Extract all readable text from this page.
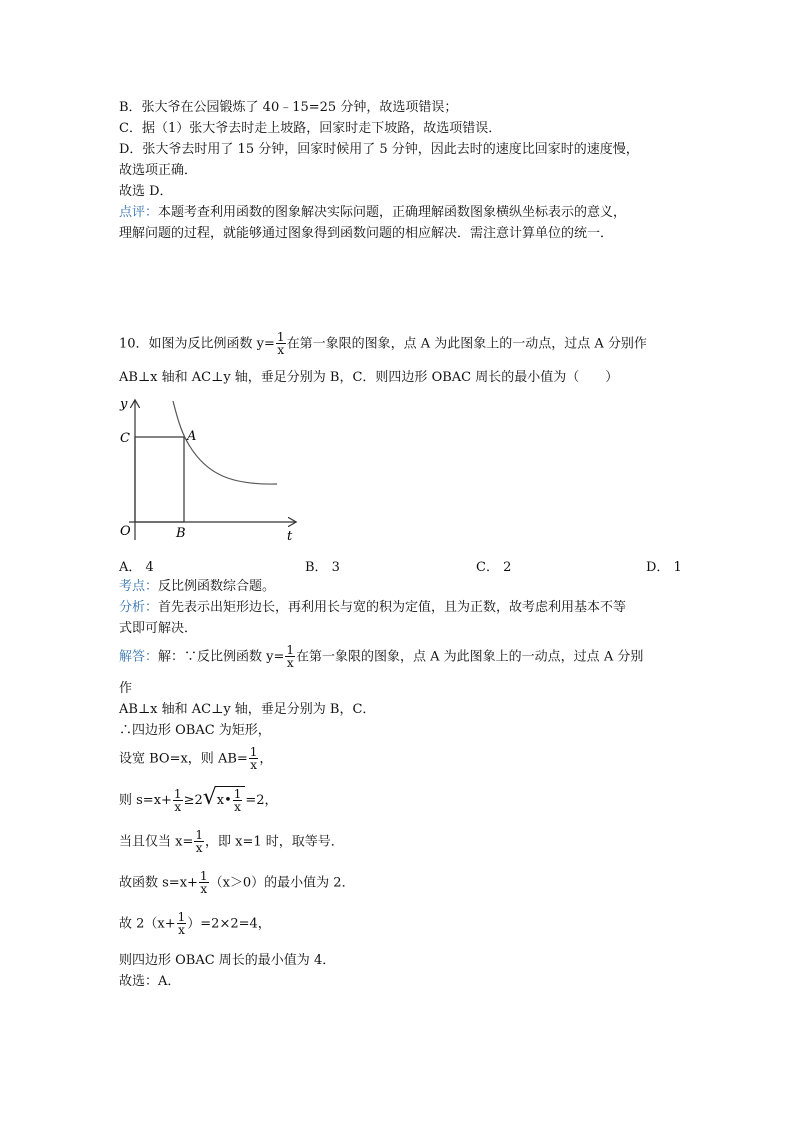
B．张大爷在公园锻炼了 40﹣15=25 分钟，故选项错误；
C．据（1）张大爷去时走上坡路，回家时走下坡路，故选项错误．
D．张大爷去时用了 15 分钟，回家时候用了 5 分钟，因此去时的速度比回家时的速度慢，
故选项正确．
故选 D．
点评：本题考查利用函数的图象解决实际问题，正确理解函数图象横纵坐标表示的意义，
理解问题的过程，就能够通过图象得到函数问题的相应解决．需注意计算单位的统一．
10．如图为反比例函数 $y= \frac{1}{x}$ 在第一象限的图象，点 A 为此图象上的一动点，过点 A 分别作
AB⊥x 轴和 AC⊥y 轴，垂足分别为 B，C．则四边形 OBAC 周长的最小值为（　　）
y
C	A
O	B	t
A． 4	B． 3	C． 2	D． 1
考点：反比例函数综合题。
分析：首先表示出矩形边长，再利用长与宽的积为定值，且为正数，故考虑利用基本不等
式即可解决．
解答：解：∵反比例函数 $y= \frac{1}{x}$ 在第一象限的图象，点 A 为此图象上的一动点，过点 A 分别
作
AB⊥x 轴和 AC⊥y 轴，垂足分别为 B，C．
∴四边形 OBAC 为矩形，
设宽 BO=x，则 $AB= \frac{1}{x}$ ，
则 $s=x+ \frac{1}{x} \ge 2$ √ x• $\frac{1}{x} =2$，
当且仅当 $x= \frac{1}{x}$ ，即 x=1 时，取等号．
故函数 $s=x+ \frac{1}{x} (x>0)$的最小值为 2．
故 $2(x+ \frac{1}{x} )=2\times 2=4$，
则四边形 OBAC 周长的最小值为 4．
故选：A．
